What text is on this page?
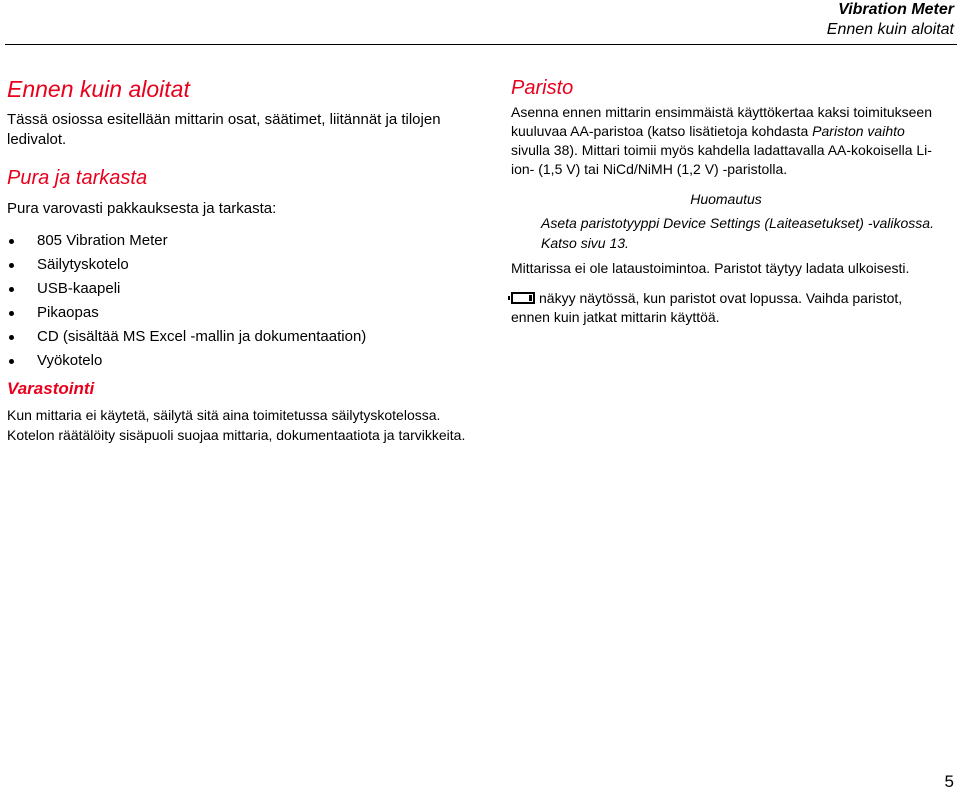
Vibration Meter
Ennen kuin aloitat
Ennen kuin aloitat

Tässä osiossa esitellään mittarin osat, säätimet, liitännät ja tilojen ledivalot.

Pura ja tarkasta

Pura varovasti pakkauksesta ja tarkasta:

805 Vibration Meter
Säilytyskotelo
USB-kaapeli
Pikaopas
CD (sisältää MS Excel -mallin ja dokumentaation)
Vyökotelo
Varastointi

Kun mittaria ei käytetä, säilytä sitä aina toimitetussa säilytyskotelossa. Kotelon räätälöity sisäpuoli suojaa mittaria, dokumentaatiota ja tarvikkeita.

Paristo

Asenna ennen mittarin ensimmäistä käyttökertaa kaksi toimitukseen kuuluvaa AA-paristoa (katso lisätietoja kohdasta Pariston vaihto sivulla 38). Mittari toimii myös kahdella ladattavalla AA-kokoisella Li-ion- (1,5 V) tai NiCd/NiMH (1,2 V) -paristolla.

Huomautus

Aseta paristotyyppi Device Settings (Laiteasetukset) -valikossa. Katso sivu 13.

Mittarissa ei ole lataustoimintoa. Paristot täytyy ladata ulkoisesti.

näkyy näytössä, kun paristot ovat lopussa. Vaihda paristot, ennen kuin jatkat mittarin käyttöä.

5
